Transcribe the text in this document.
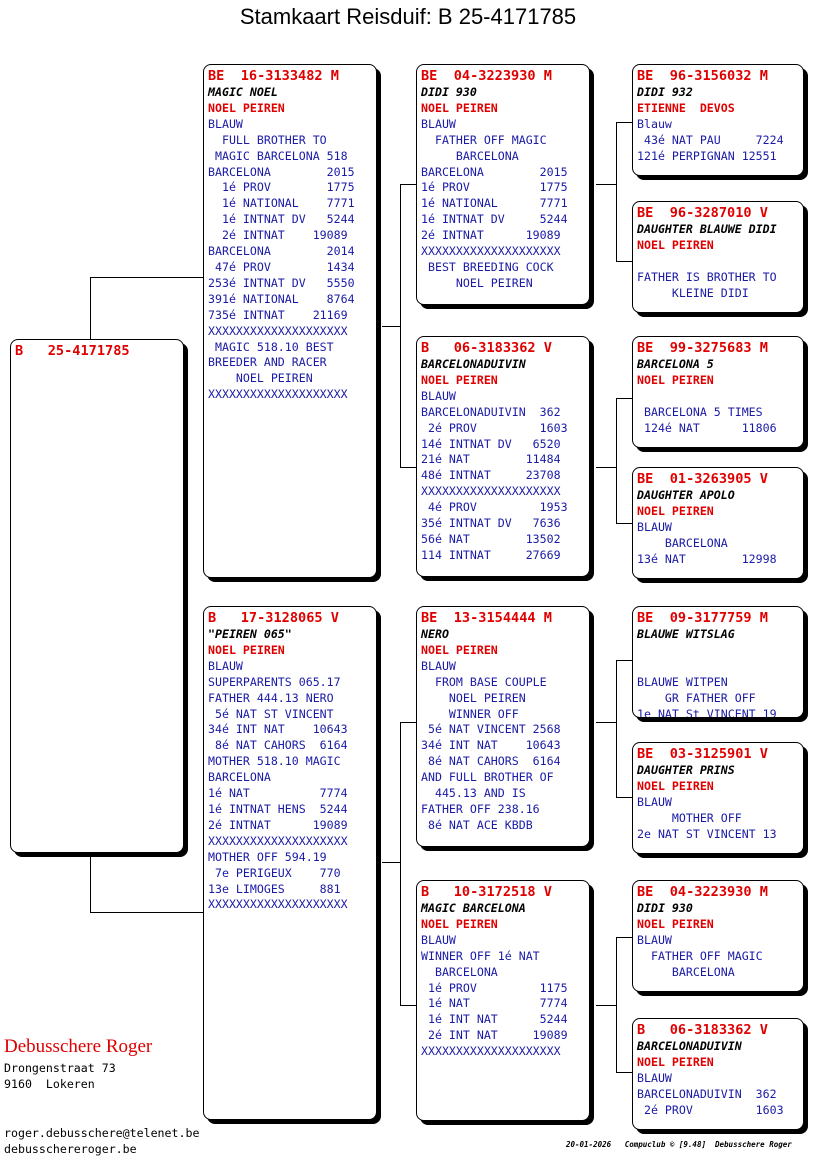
Stamkaart Reisduif: B 25-4171785
B   25-4171785
BE  16-3133482 M
MAGIC NOEL
NOEL PEIREN
BLAUW
FULL BROTHER TO
MAGIC BARCELONA 518
BARCELONA        2015
1é PROV        1775
1é NATIONAL    7771
1é INTNAT DV   5244
2é INTNAT    19089
BARCELONA        2014
47é PROV        1434
253é INTNAT DV   5550
391é NATIONAL    8764
735é INTNAT    21169
XXXXXXXXXXXXXXXXXXXX
MAGIC 518.10 BEST
BREEDER AND RACER
NOEL PEIREN
XXXXXXXXXXXXXXXXXXXX
B   17-3128065 V
"PEIREN 065"
NOEL PEIREN
BLAUW
SUPERPARENTS 065.17
FATHER 444.13 NERO
5é NAT ST VINCENT
34é INT NAT    10643
8é NAT CAHORS  6164
MOTHER 518.10 MAGIC
BARCELONA
1é NAT          7774
1é INTNAT HENS  5244
2é INTNAT      19089
XXXXXXXXXXXXXXXXXXXX
MOTHER OFF 594.19
7e PERIGEUX    770
13e LIMOGES     881
XXXXXXXXXXXXXXXXXXXX
BE  04-3223930 M
DIDI 930
NOEL PEIREN
BLAUW
FATHER OFF MAGIC
BARCELONA
BARCELONA        2015
1é PROV          1775
1é NATIONAL      7771
1é INTNAT DV     5244
2é INTNAT      19089
XXXXXXXXXXXXXXXXXXXX
BEST BREEDING COCK
NOEL PEIREN
B   06-3183362 V
BARCELONADUIVIN
NOEL PEIREN
BLAUW
BARCELONADUIVIN  362
2é PROV         1603
14é INTNAT DV   6520
21é NAT        11484
48é INTNAT     23708
XXXXXXXXXXXXXXXXXXXX
4é PROV         1953
35é INTNAT DV   7636
56é NAT        13502
114 INTNAT     27669
BE  13-3154444 M
NERO
NOEL PEIREN
BLAUW
FROM BASE COUPLE
NOEL PEIREN
WINNER OFF
5é NAT VINCENT 2568
34é INT NAT    10643
8é NAT CAHORS  6164
AND FULL BROTHER OF
445.13 AND IS
FATHER OFF 238.16
8é NAT ACE KBDB
B   10-3172518 V
MAGIC BARCELONA
NOEL PEIREN
BLAUW
WINNER OFF 1é NAT
BARCELONA
1é PROV         1175
1é NAT          7774
1é INT NAT      5244
2é INT NAT     19089
XXXXXXXXXXXXXXXXXXXX
BE  96-3156032 M
DIDI 932
ETIENNE  DEVOS
Blauw
43é NAT PAU     7224
121é PERPIGNAN 12551
BE  96-3287010 V
DAUGHTER BLAUWE DIDI
NOEL PEIREN

FATHER IS BROTHER TO
KLEINE DIDI
BE  99-3275683 M
BARCELONA 5
NOEL PEIREN

BARCELONA 5 TIMES
124é NAT      11806
BE  01-3263905 V
DAUGHTER APOLO
NOEL PEIREN
BLAUW
BARCELONA
13é NAT        12998
BE  09-3177759 M
BLAUWE WITSLAG

BLAUWE WITPEN
GR FATHER OFF
1e NAT St VINCENT 19
BE  03-3125901 V
DAUGHTER PRINS
NOEL PEIREN
BLAUW
MOTHER OFF
2e NAT ST VINCENT 13
BE  04-3223930 M
DIDI 930
NOEL PEIREN
BLAUW
FATHER OFF MAGIC
BARCELONA
B   06-3183362 V
BARCELONADUIVIN
NOEL PEIREN
BLAUW
BARCELONADUIVIN  362
2é PROV         1603
Debusschere Roger
Drongenstraat 73
9160  Lokeren
roger.debusschere@telenet.be
debusschereroger.be	20-01-2026   Compuclub © [9.48]  Debusschere Roger
